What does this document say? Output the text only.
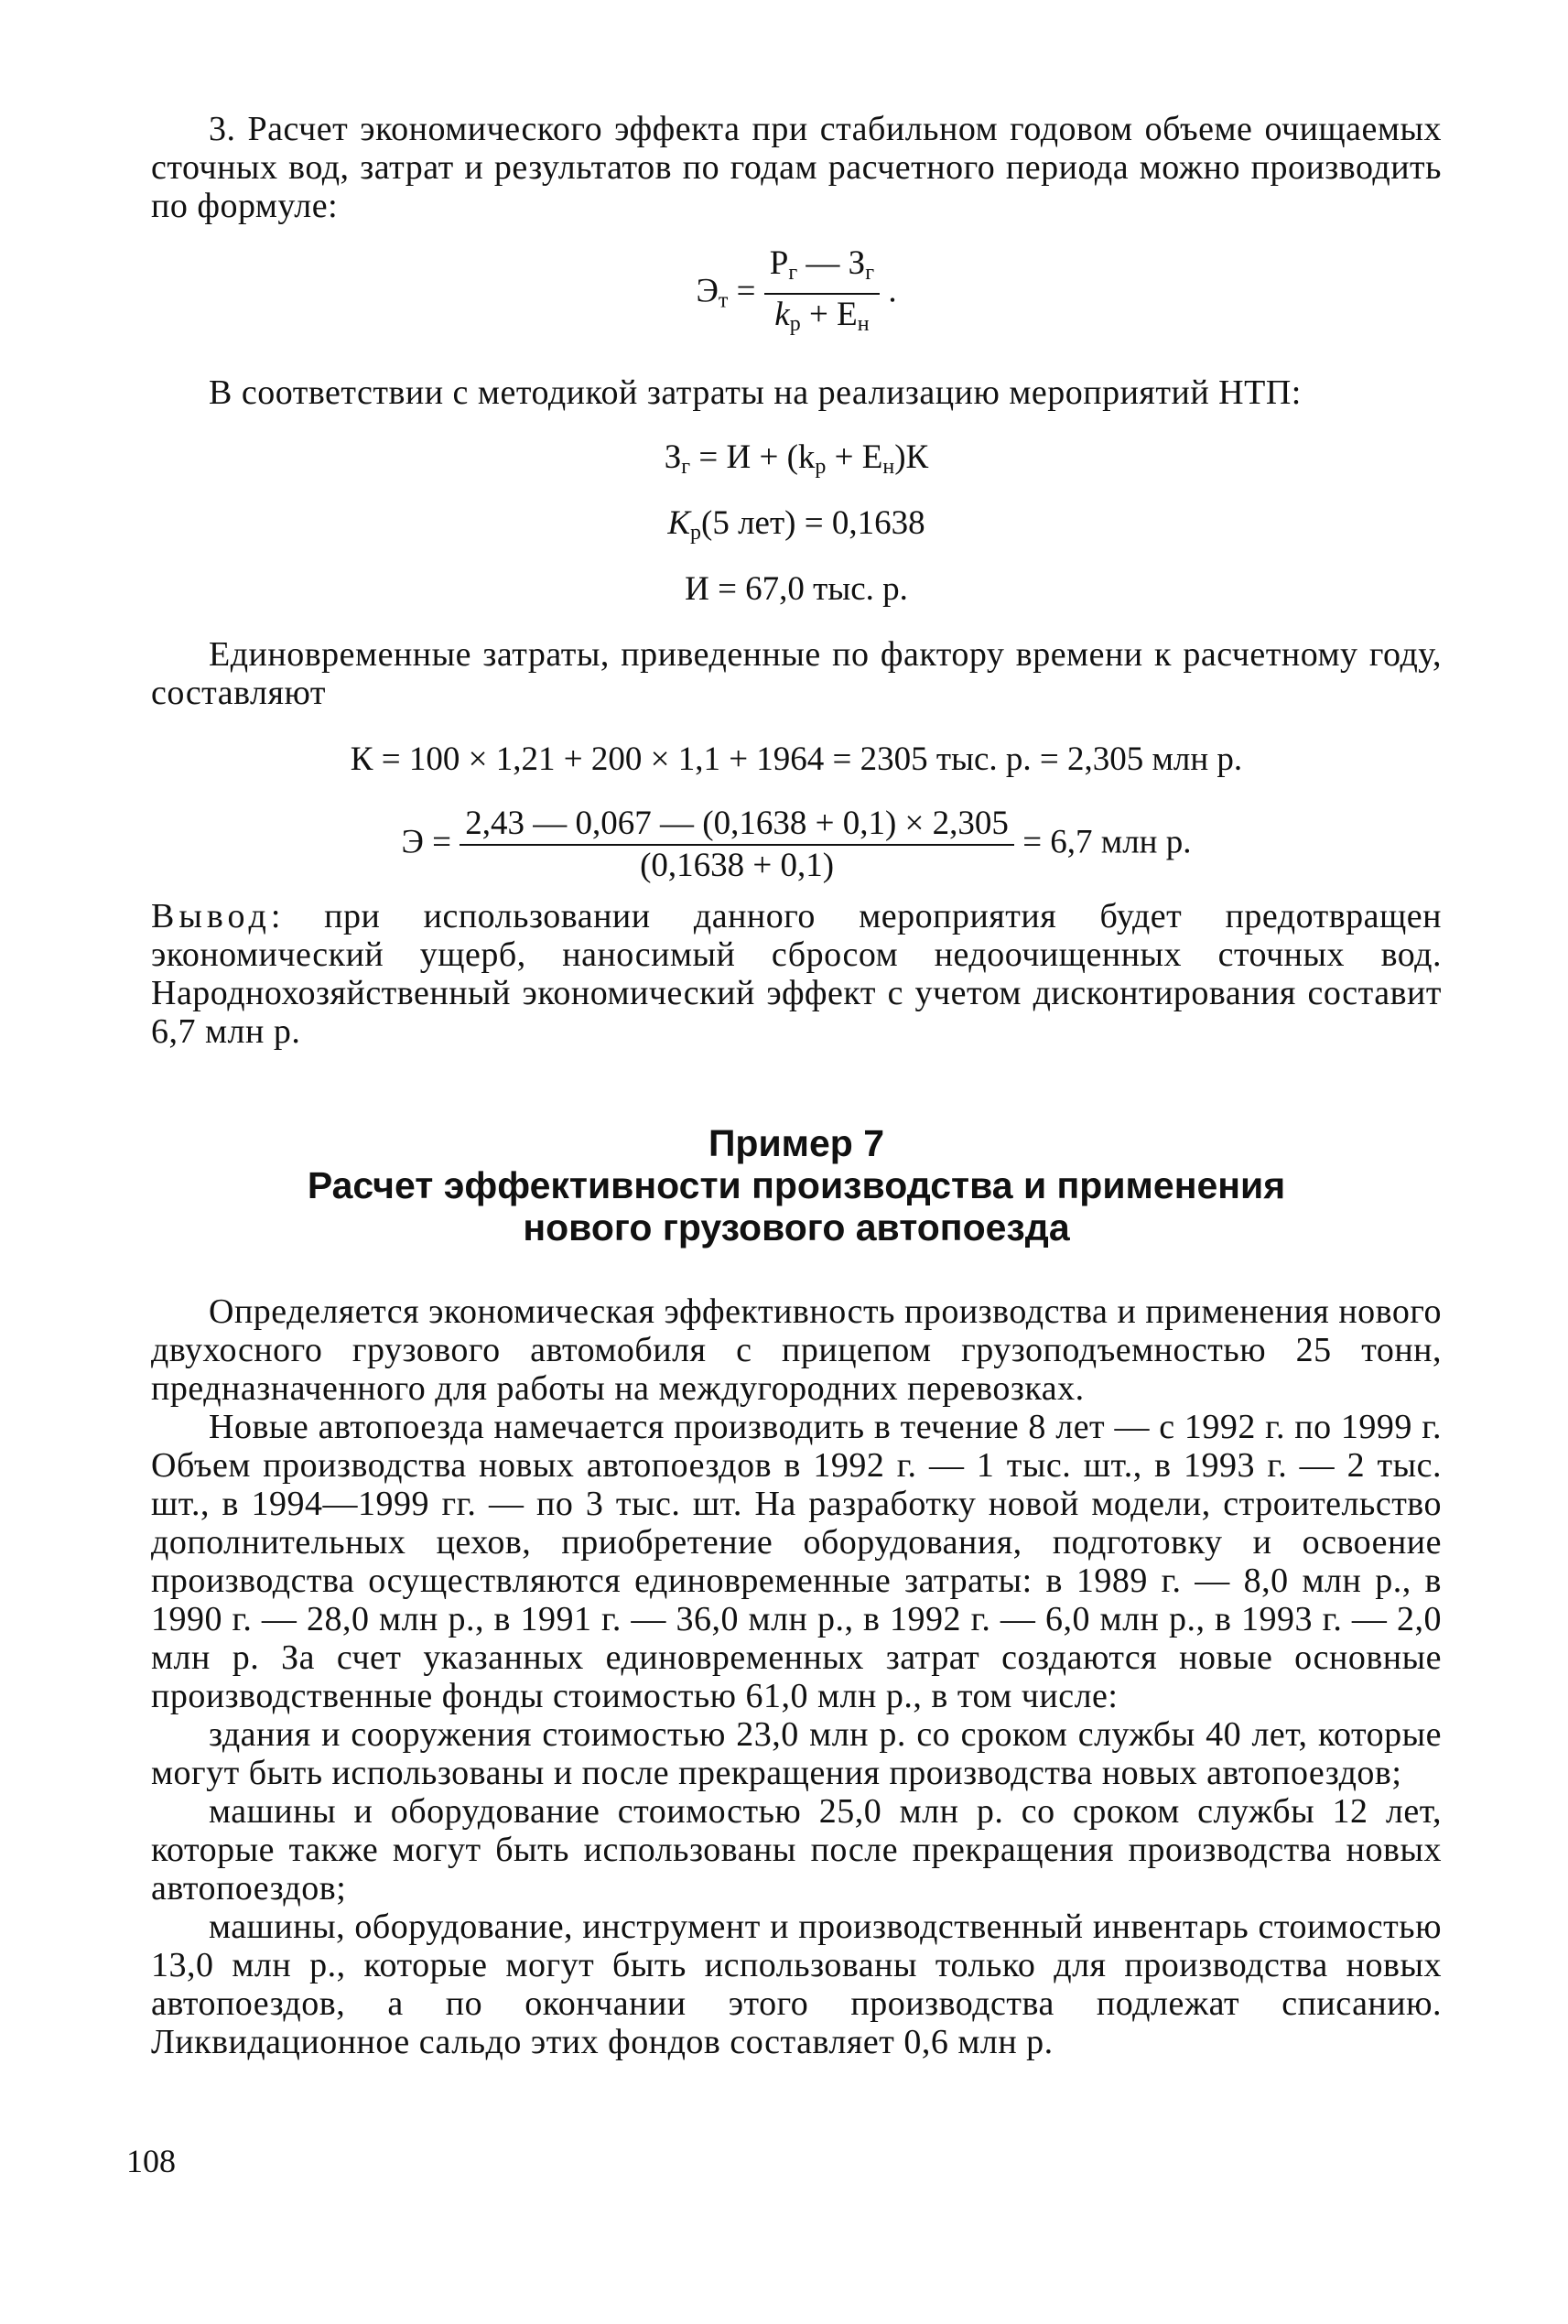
3. Расчет экономического эффекта при стабильном годовом объеме очищаемых сточных вод, затрат и результатов по годам расчетного периода можно производить по формуле:

$Э_т = \frac{Р_г — З_г}{k_р + Е_н}$ .

В соответствии с методикой затраты на реализацию мероприятий НТП:

$З_г = И + (k_р + Е_н)К$
$К_р(5$ лет) = 0,1638
И = 67,0 тыс. р.

Единовременные затраты, приведенные по фактору времени к расчетному году, составляют

К = 100 × 1,21 + 200 × 1,1 + 1964 = 2305 тыс. р. = 2,305 млн р.
$Э = \frac{2,43 — 0,067 — (0,1638 + 0,1) \times 2,305}{(0,1638 + 0,1)} = 6,7$ млн р.

Вывод: при использовании данного мероприятия будет предотвращен экономический ущерб, наносимый сбросом недоочищенных сточных вод. Народнохозяйственный экономический эффект с учетом дисконтирования составит 6,7 млн р.

Пример 7
Расчет эффективности производства и применения
нового грузового автопоезда

Определяется экономическая эффективность производства и применения нового двухосного грузового автомобиля с прицепом грузоподъемностью 25 тонн, предназначенного для работы на междугородних перевозках.

Новые автопоезда намечается производить в течение 8 лет — с 1992 г. по 1999 г. Объем производства новых автопоездов в 1992 г. — 1 тыс. шт., в 1993 г. — 2 тыс. шт., в 1994—1999 гг. — по 3 тыс. шт. На разработку новой модели, строительство дополнительных цехов, приобретение оборудования, подготовку и освоение производства осуществляются единовременные затраты: в 1989 г. — 8,0 млн р., в 1990 г. — 28,0 млн р., в 1991 г. — 36,0 млн р., в 1992 г. — 6,0 млн р., в 1993 г. — 2,0 млн р. За счет указанных единовременных затрат создаются новые основные производственные фонды стоимостью 61,0 млн р., в том числе:

здания и сооружения стоимостью 23,0 млн р. со сроком службы 40 лет, которые могут быть использованы и после прекращения производства новых автопоездов;

машины и оборудование стоимостью 25,0 млн р. со сроком службы 12 лет, которые также могут быть использованы после прекращения производства новых автопоездов;

машины, оборудование, инструмент и производственный инвентарь стоимостью 13,0 млн р., которые могут быть использованы только для производства новых автопоездов, а по окончании этого производства подлежат списанию. Ликвидационное сальдо этих фондов составляет 0,6 млн р.

108
